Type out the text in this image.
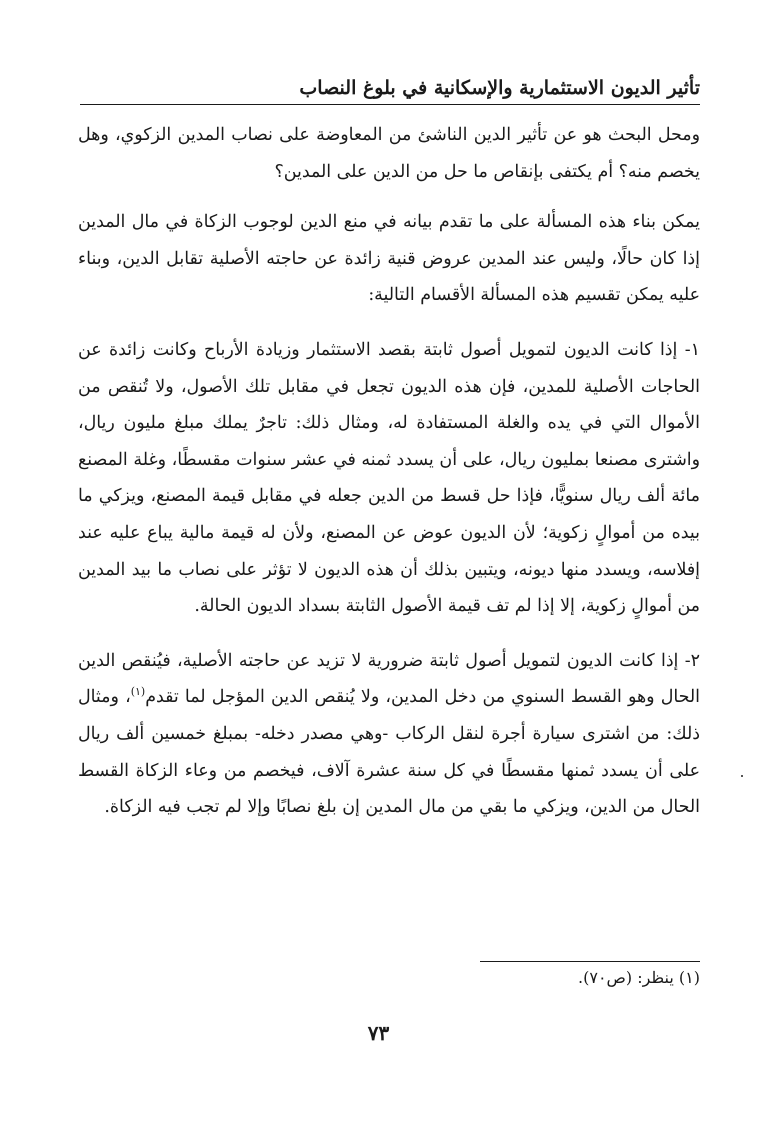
تأثير الديون الاستثمارية والإسكانية في بلوغ النصاب

ومحل البحث هو عن تأثير الدين الناشئ من المعاوضة على نصاب المدين الزكوي، وهل يخصم منه؟ أم يكتفى بإنقاص ما حل من الدين على المدين؟

يمكن بناء هذه المسألة على ما تقدم بيانه في منع الدين لوجوب الزكاة في مال المدين إذا كان حالًا، وليس عند المدين عروض قنية زائدة عن حاجته الأصلية تقابل الدين، وبناء عليه يمكن تقسيم هذه المسألة الأقسام التالية:

١- إذا كانت الديون لتمويل أصول ثابتة بقصد الاستثمار وزيادة الأرباح وكانت زائدة عن الحاجات الأصلية للمدين، فإن هذه الديون تجعل في مقابل تلك الأصول، ولا تُنقص من الأموال التي في يده والغلة المستفادة له، ومثال ذلك: تاجرٌ يملك مبلغ مليون ريال، واشترى مصنعا بمليون ريال، على أن يسدد ثمنه في عشر سنوات مقسطًا، وغلة المصنع مائة ألف ريال سنويًّا، فإذا حل قسط من الدين جعله في مقابل قيمة المصنع، ويزكي ما بيده من أموالٍ زكوية؛ لأن الديون عوض عن المصنع، ولأن له قيمة مالية يباع عليه عند إفلاسه، ويسدد منها ديونه، ويتبين بذلك أن هذه الديون لا تؤثر على نصاب ما بيد المدين من أموالٍ زكوية، إلا إذا لم تف قيمة الأصول الثابتة بسداد الديون الحالة.

٢- إذا كانت الديون لتمويل أصول ثابتة ضرورية لا تزيد عن حاجته الأصلية، فيُنقص الدين الحال وهو القسط السنوي من دخل المدين، ولا يُنقص الدين المؤجل لما تقدم$^{(١)}$، ومثال ذلك: من اشترى سيارة أجرة لنقل الركاب -وهي مصدر دخله- بمبلغ خمسين ألف ريال على أن يسدد ثمنها مقسطًا في كل سنة عشرة آلاف، فيخصم من وعاء الزكاة القسط الحال من الدين، ويزكي ما بقي من مال المدين إن بلغ نصابًا وإلا لم تجب فيه الزكاة.

(١) ينظر: (ص٧٠).
٧٣
